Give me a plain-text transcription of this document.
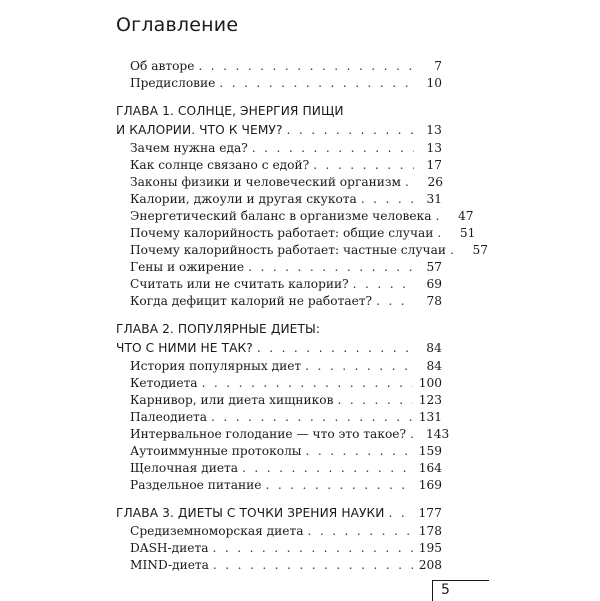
Оглавление
Об авторе . . .	7
Предисловие . . .	10
ГЛАВА 1. СОЛНЦЕ, ЭНЕРГИЯ ПИЩИ
И КАЛОРИИ. ЧТО К ЧЕМУ? . . .	13
Зачем нужна еда? . . .	13
Как солнце связано с едой? . . .	17
Законы физики и человеческий организм . . .	26
Калории, джоули и другая скукота . . .	31
Энергетический баланс в организме человека . . .	47
Почему калорийность работает: общие случаи . . .	51
Почему калорийность работает: частные случаи . . .	57
Гены и ожирение . . .	57
Считать или не считать калории? . . .	69
Когда дефицит калорий не работает? . . .	78
ГЛАВА 2. ПОПУЛЯРНЫЕ ДИЕТЫ:
ЧТО С НИМИ НЕ ТАК? . . .	84
История популярных диет . . .	84
Кетодиета . . .	100
Карнивор, или диета хищников . . .	123
Палеодиета . . .	131
Интервальное голодание — что это такое? . . . 143
Аутоиммунные протоколы . . .	159
Щелочная диета . . .	164
Раздельное питание . . .	169
ГЛАВА 3. ДИЕТЫ С ТОЧКИ ЗРЕНИЯ НАУКИ . . .	177
Средиземноморская диета . . .	178
DASH-диета . . .	195
MIND-диета . . .	208
5
